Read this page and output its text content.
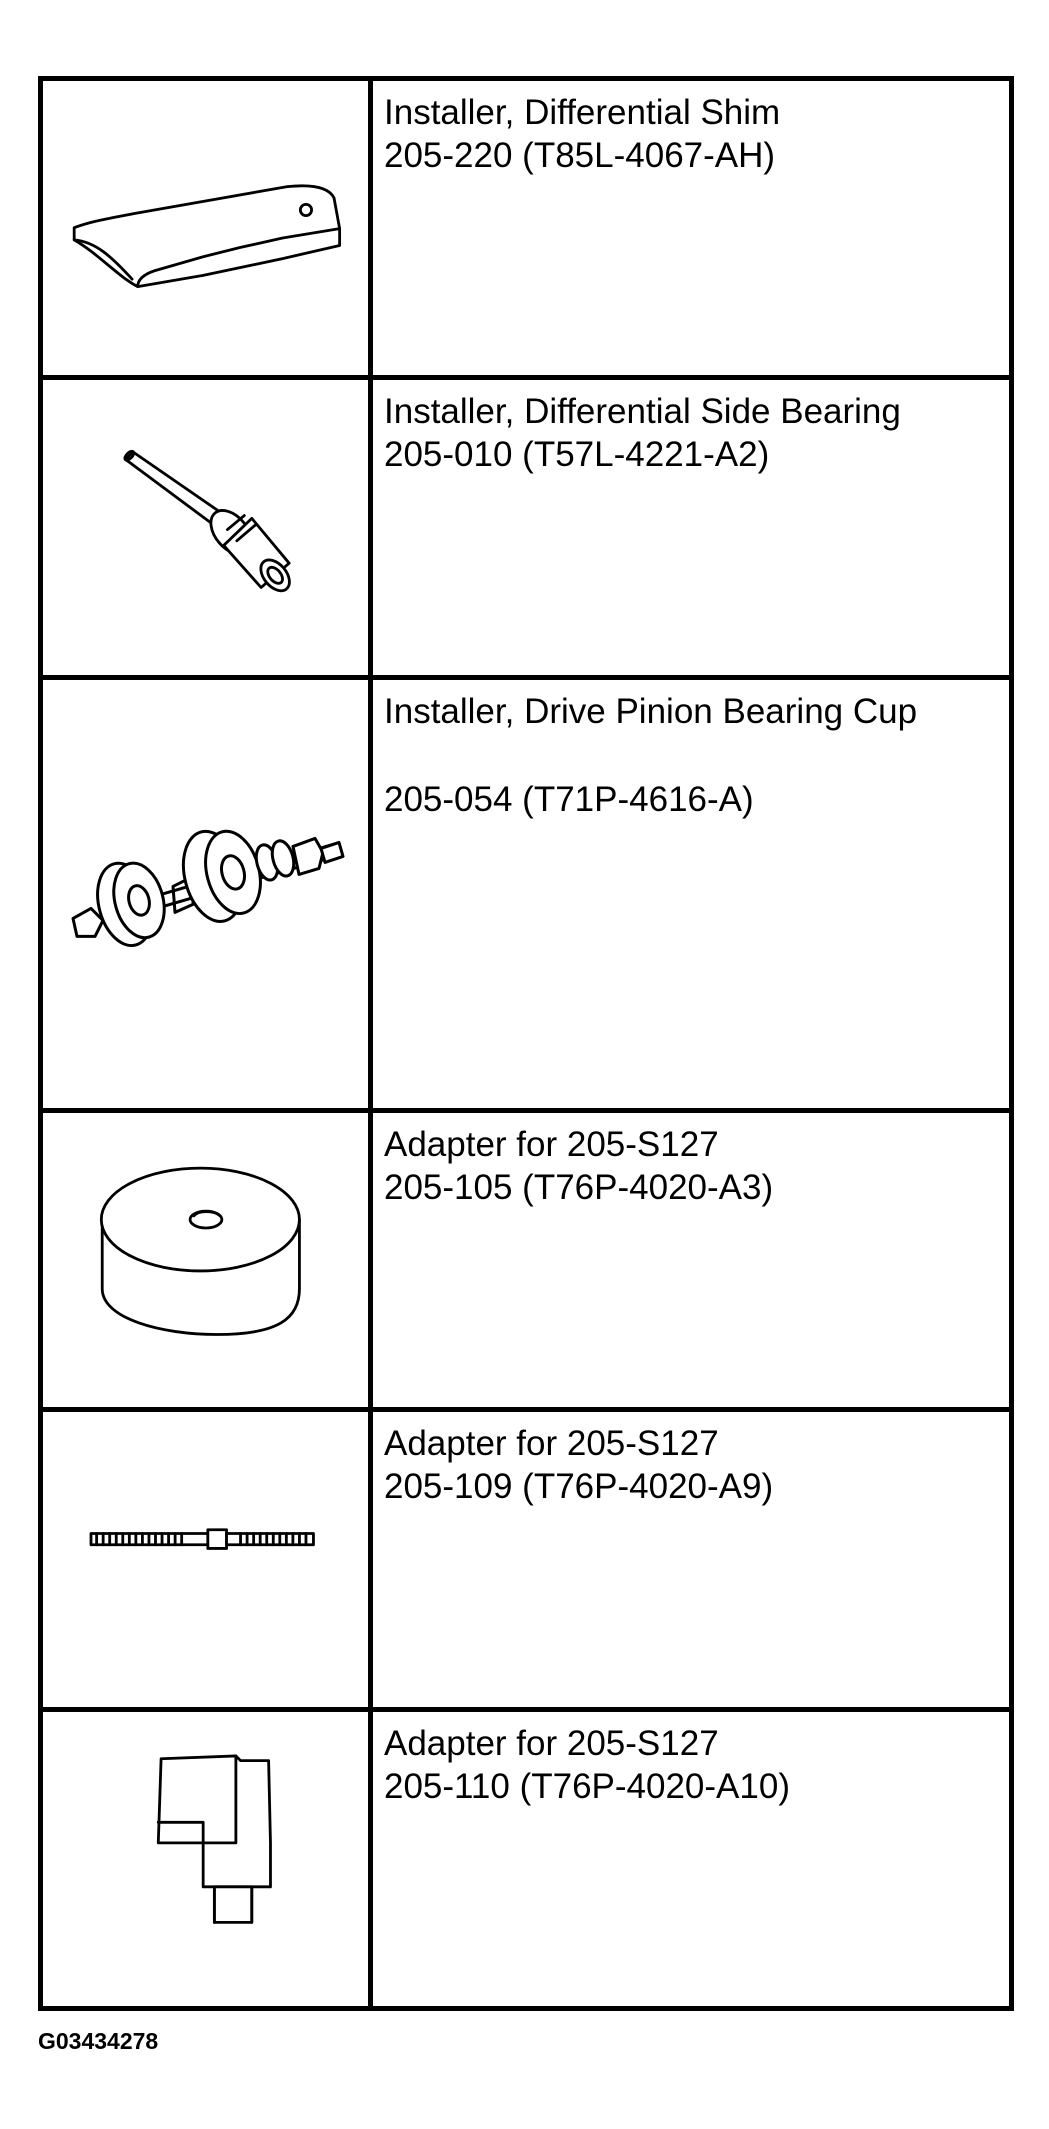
Installer, Differential Shim
205-220 (T85L-4067-AH)

Installer, Differential Side Bearing
205-010 (T57L-4221-A2)

Installer, Drive Pinion Bearing Cup
205-054 (T71P-4616-A)

Adapter for 205-S127
205-105 (T76P-4020-A3)

Adapter for 205-S127
205-109 (T76P-4020-A9)

Adapter for 205-S127
205-110 (T76P-4020-A10)
G03434278
